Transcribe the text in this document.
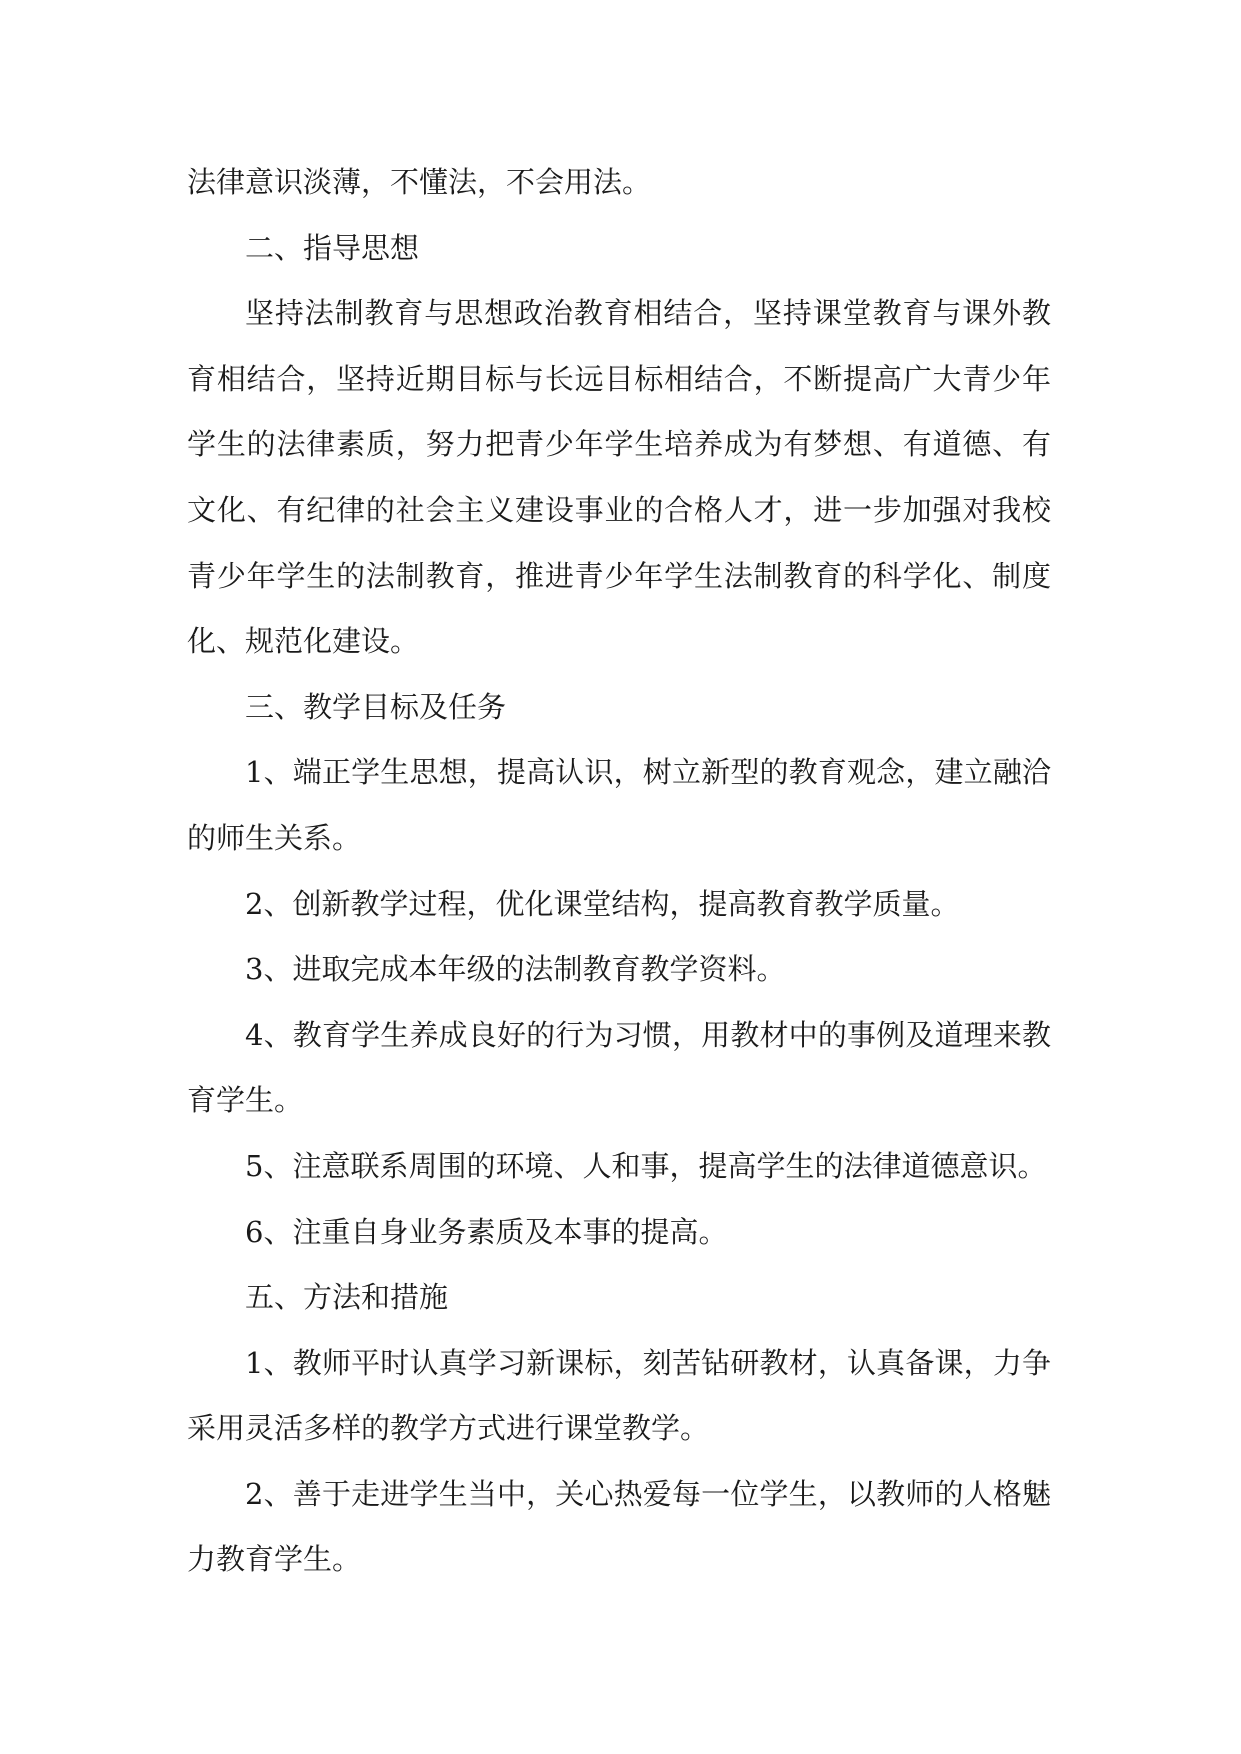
法律意识淡薄，不懂法，不会用法。

二、指导思想

坚持法制教育与思想政治教育相结合，坚持课堂教育与课外教育相结合，坚持近期目标与长远目标相结合，不断提高广大青少年学生的法律素质，努力把青少年学生培养成为有梦想、有道德、有文化、有纪律的社会主义建设事业的合格人才，进一步加强对我校青少年学生的法制教育，推进青少年学生法制教育的科学化、制度化、规范化建设。

三、教学目标及任务

1、端正学生思想，提高认识，树立新型的教育观念，建立融洽的师生关系。

2、创新教学过程，优化课堂结构，提高教育教学质量。

3、进取完成本年级的法制教育教学资料。

4、教育学生养成良好的行为习惯，用教材中的事例及道理来教育学生。

5、注意联系周围的环境、人和事，提高学生的法律道德意识。

6、注重自身业务素质及本事的提高。

五、方法和措施

1、教师平时认真学习新课标，刻苦钻研教材，认真备课，力争采用灵活多样的教学方式进行课堂教学。

2、善于走进学生当中，关心热爱每一位学生，以教师的人格魅力教育学生。
